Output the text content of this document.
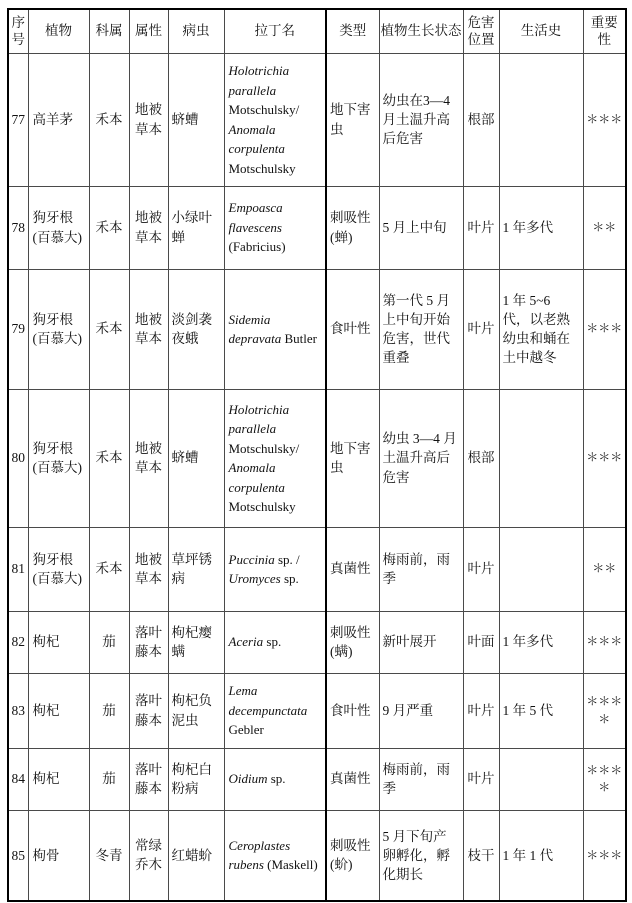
序号	植物	科属	属性	病虫	拉丁名	类型	植物生长状态	危害位置	生活史	重要性
77	高羊茅	禾本	地被草本	蛴螬	Holotrichia parallela Motschulsky/ Anomala corpulenta Motschulsky	地下害虫	幼虫在3—4 月土温升高后危害	根部		＊＊＊
78	狗牙根(百慕大)	禾本	地被草本	小绿叶蝉	Empoasca flavescens (Fabricius)	刺吸性(蝉)	5 月上中旬	叶片	1 年多代	＊＊
79	狗牙根(百慕大)	禾本	地被草本	淡剑袭夜蛾	Sidemia depravata Butler	食叶性	第一代 5 月上中旬开始危害，世代重叠	叶片	1 年 5~6 代，以老熟幼虫和蛹在土中越冬	＊＊＊
80	狗牙根(百慕大)	禾本	地被草本	蛴螬	Holotrichia parallela Motschulsky/ Anomala corpulenta Motschulsky	地下害虫	幼虫 3—4 月土温升高后危害	根部		＊＊＊
81	狗牙根(百慕大)	禾本	地被草本	草坪锈病	Puccinia sp. / Uromyces sp.	真菌性	梅雨前，雨季	叶片		＊＊
82	枸杞	茄	落叶藤本	枸杞瘿螨	Aceria sp.	刺吸性(螨)	新叶展开	叶面	1 年多代	＊＊＊
83	枸杞	茄	落叶藤本	枸杞负泥虫	Lema decempunctata Gebler	食叶性	9 月严重	叶片	1 年 5 代	＊＊＊＊
84	枸杞	茄	落叶藤本	枸杞白粉病	Oidium sp.	真菌性	梅雨前，雨季	叶片		＊＊＊＊
85	枸骨	冬青	常绿乔木	红蜡蚧	Ceroplastes rubens (Maskell)	刺吸性(蚧)	5 月下旬产卵孵化，孵化期长	枝干	1 年 1 代	＊＊＊
